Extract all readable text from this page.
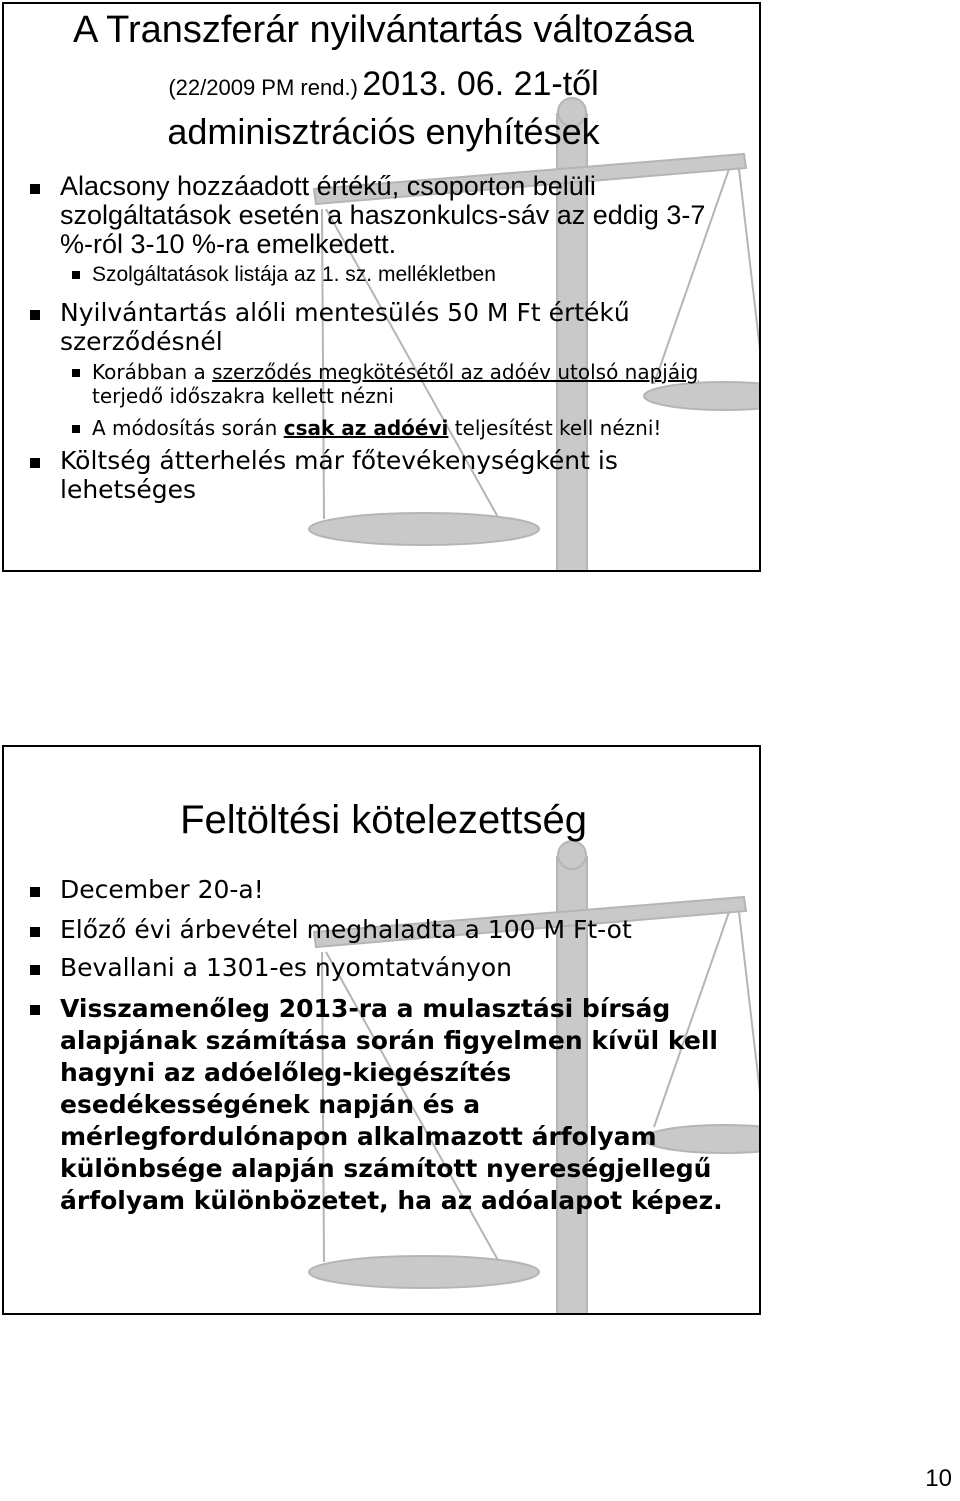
A Transzferár nyilvántartás változása
(22/2009 PM rend.) 2013. 06. 21-től
adminisztrációs enyhítések
Alacsony hozzáadott értékű, csoporton belüli szolgáltatások esetén a haszonkulcs-sáv az eddig 3-7 %-ról 3-10 %-ra emelkedett.
Szolgáltatások listája az 1. sz. mellékletben
Nyilvántartás alóli mentesülés 50 M Ft értékű szerződésnél
Korábban a szerződés megkötésétől az adóév utolsó napjáig terjedő időszakra kellett nézni
A módosítás során csak az adóévi teljesítést kell nézni!
Költség átterhelés már főtevékenységként is lehetséges
Feltöltési kötelezettség
December 20-a!
Előző évi árbevétel meghaladta a 100 M Ft-ot
Bevallani a 1301-es nyomtatványon
Visszamenőleg 2013-ra a mulasztási bírság alapjának számítása során figyelmen kívül kell hagyni az adóelőleg-kiegészítés esedékességének napján és a mérlegfordulónapon alkalmazott árfolyam különbsége alapján számított nyereségjellegű árfolyam különbözetet, ha az adóalapot képez.
10
